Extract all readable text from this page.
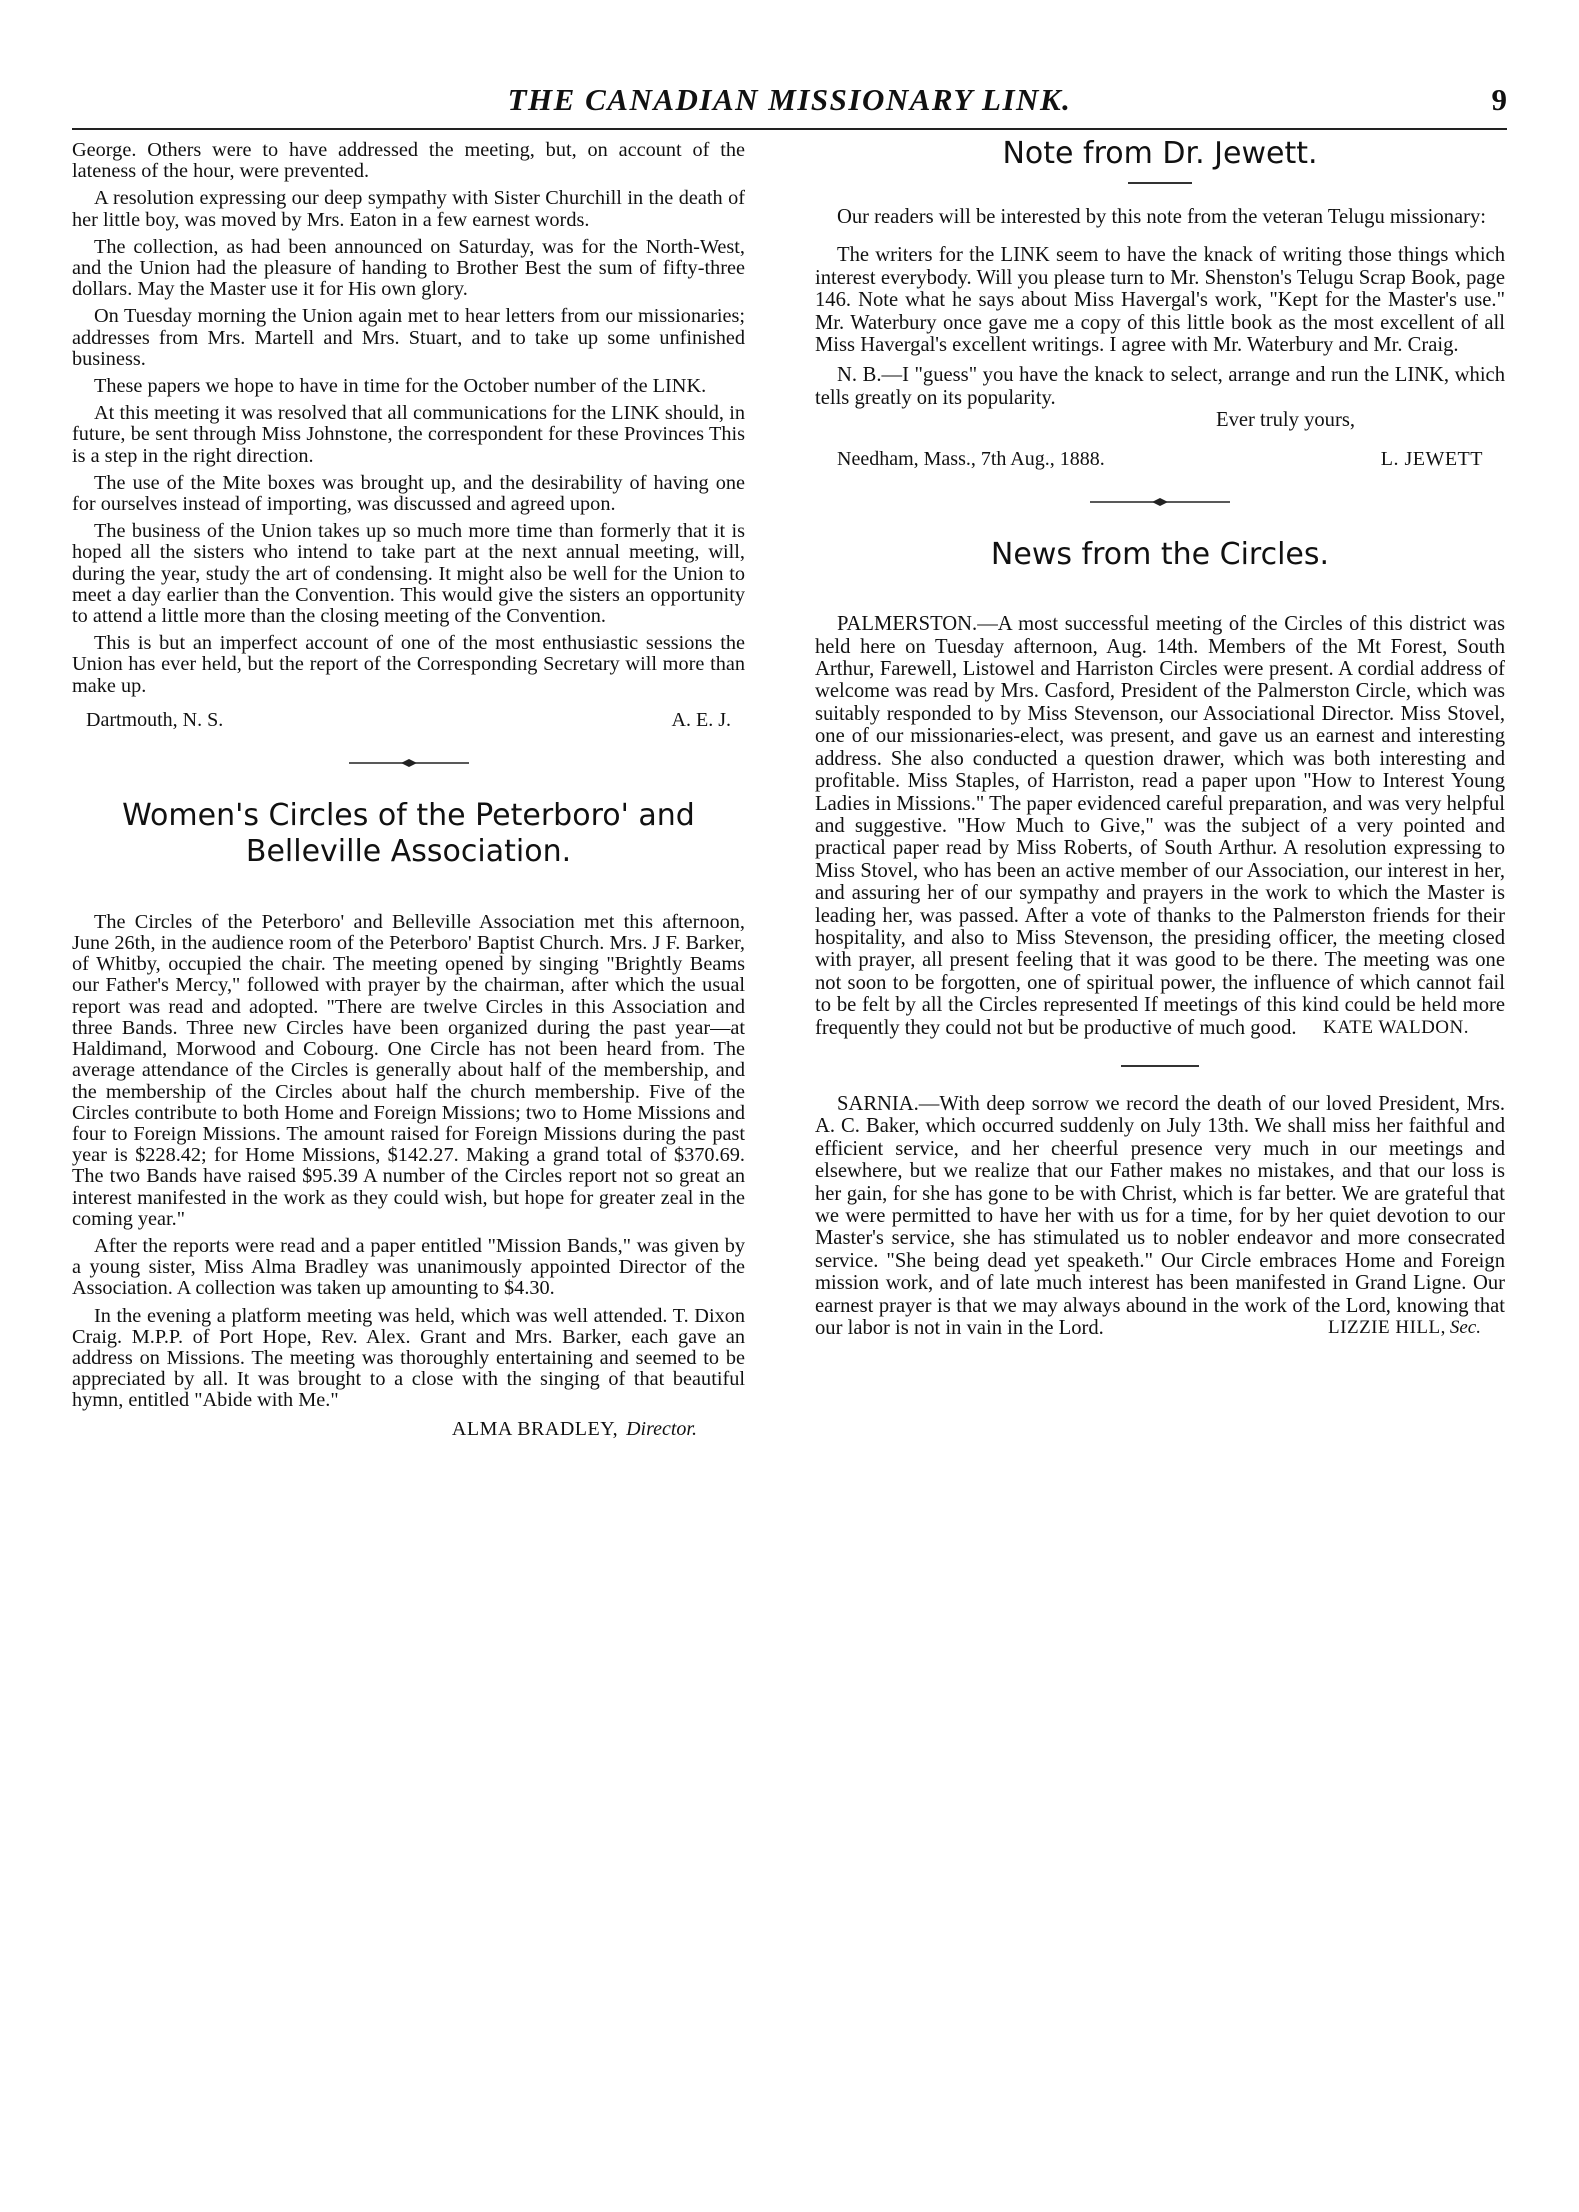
THE CANADIAN MISSIONARY LINK.	9

George. Others were to have addressed the meeting, but, on account of the lateness of the hour, were prevented.

A resolution expressing our deep sympathy with Sister Churchill in the death of her little boy, was moved by Mrs. Eaton in a few earnest words.

The collection, as had been announced on Saturday, was for the North-West, and the Union had the pleasure of handing to Brother Best the sum of fifty-three dollars. May the Master use it for His own glory.

On Tuesday morning the Union again met to hear letters from our missionaries; addresses from Mrs. Martell and Mrs. Stuart, and to take up some unfinished business.

These papers we hope to have in time for the October number of the LINK.

At this meeting it was resolved that all communications for the LINK should, in future, be sent through Miss Johnstone, the correspondent for these Provinces This is a step in the right direction.

The use of the Mite boxes was brought up, and the desirability of having one for ourselves instead of importing, was discussed and agreed upon.

The business of the Union takes up so much more time than formerly that it is hoped all the sisters who intend to take part at the next annual meeting, will, during the year, study the art of condensing. It might also be well for the Union to meet a day earlier than the Convention. This would give the sisters an opportunity to attend a little more than the closing meeting of the Convention.

This is but an imperfect account of one of the most enthusiastic sessions the Union has ever held, but the report of the Corresponding Secretary will more than make up.

Dartmouth, N. S.	A. E. J.
Women's Circles of the Peterboro' and Belleville Association.

The Circles of the Peterboro' and Belleville Association met this afternoon, June 26th, in the audience room of the Peterboro' Baptist Church. Mrs. J F. Barker, of Whitby, occupied the chair. The meeting opened by singing "Brightly Beams our Father's Mercy," followed with prayer by the chairman, after which the usual report was read and adopted. "There are twelve Circles in this Association and three Bands. Three new Circles have been organized during the past year—at Haldimand, Morwood and Cobourg. One Circle has not been heard from. The average attendance of the Circles is generally about half of the membership, and the membership of the Circles about half the church membership. Five of the Circles contribute to both Home and Foreign Missions; two to Home Missions and four to Foreign Missions. The amount raised for Foreign Missions during the past year is $228.42; for Home Missions, $142.27. Making a grand total of $370.69. The two Bands have raised $95.39 A number of the Circles report not so great an interest manifested in the work as they could wish, but hope for greater zeal in the coming year."

After the reports were read and a paper entitled "Mission Bands," was given by a young sister, Miss Alma Bradley was unanimously appointed Director of the Association. A collection was taken up amounting to $4.30.

In the evening a platform meeting was held, which was well attended. T. Dixon Craig. M.P.P. of Port Hope, Rev. Alex. Grant and Mrs. Barker, each gave an address on Missions. The meeting was thoroughly entertaining and seemed to be appreciated by all. It was brought to a close with the singing of that beautiful hymn, entitled "Abide with Me."

ALMA BRADLEY, Director.
Note from Dr. Jewett.

Our readers will be interested by this note from the veteran Telugu missionary:

The writers for the LINK seem to have the knack of writing those things which interest everybody. Will you please turn to Mr. Shenston's Telugu Scrap Book, page 146. Note what he says about Miss Havergal's work, "Kept for the Master's use." Mr. Waterbury once gave me a copy of this little book as the most excellent of all Miss Havergal's excellent writings. I agree with Mr. Waterbury and Mr. Craig.

N. B.—I "guess" you have the knack to select, arrange and run the LINK, which tells greatly on its popularity.

Ever truly yours,
Needham, Mass., 7th Aug., 1888.	L. JEWETT
News from the Circles.

PALMERSTON.—A most successful meeting of the Circles of this district was held here on Tuesday afternoon, Aug. 14th. Members of the Mt Forest, South Arthur, Farewell, Listowel and Harriston Circles were present. A cordial address of welcome was read by Mrs. Casford, President of the Palmerston Circle, which was suitably responded to by Miss Stevenson, our Associational Director. Miss Stovel, one of our missionaries-elect, was present, and gave us an earnest and interesting address. She also conducted a question drawer, which was both interesting and profitable. Miss Staples, of Harriston, read a paper upon "How to Interest Young Ladies in Missions." The paper evidenced careful preparation, and was very helpful and suggestive. "How Much to Give," was the subject of a very pointed and practical paper read by Miss Roberts, of South Arthur. A resolution expressing to Miss Stovel, who has been an active member of our Association, our interest in her, and assuring her of our sympathy and prayers in the work to which the Master is leading her, was passed. After a vote of thanks to the Palmerston friends for their hospitality, and also to Miss Stevenson, the presiding officer, the meeting closed with prayer, all present feeling that it was good to be there. The meeting was one not soon to be forgotten, one of spiritual power, the influence of which cannot fail to be felt by all the Circles represented If meetings of this kind could be held more frequently they could not but be productive of much good.	KATE WALDON.

SARNIA.—With deep sorrow we record the death of our loved President, Mrs. A. C. Baker, which occurred suddenly on July 13th. We shall miss her faithful and efficient service, and her cheerful presence very much in our meetings and elsewhere, but we realize that our Father makes no mistakes, and that our loss is her gain, for she has gone to be with Christ, which is far better. We are grateful that we were permitted to have her with us for a time, for by her quiet devotion to our Master's service, she has stimulated us to nobler endeavor and more consecrated service. "She being dead yet speaketh." Our Circle embraces Home and Foreign mission work, and of late much interest has been manifested in Grand Ligne. Our earnest prayer is that we may always abound in the work of the Lord, knowing that our labor is not in vain in the Lord.	LIZZIE HILL, Sec.
